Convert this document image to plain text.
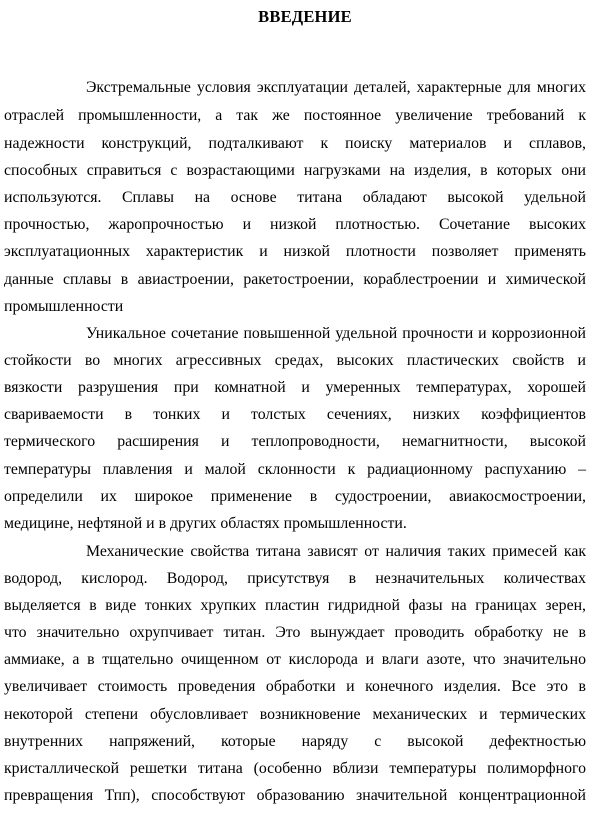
ВВЕДЕНИЕ
Экстремальные условия эксплуатации деталей, характерные для многих
отраслей промышленности, а так же постоянное увеличение требований к
надежности конструкций, подталкивают к поиску материалов и сплавов,
способных справиться с возрастающими нагрузками на изделия, в которых они
используются. Сплавы на основе титана обладают высокой удельной
прочностью, жаропрочностью и низкой плотностью. Сочетание высоких
эксплуатационных характеристик и низкой плотности позволяет применять
данные сплавы в авиастроении, ракетостроении, кораблестроении и химической
промышленности
Уникальное сочетание повышенной удельной прочности и коррозионной
стойкости во многих агрессивных средах, высоких пластических свойств и
вязкости разрушения при комнатной и умеренных температурах, хорошей
свариваемости в тонких и толстых сечениях, низких коэффициентов
термического расширения и теплопроводности, немагнитности, высокой
температуры плавления и малой склонности к радиационному распуханию –
определили их широкое применение в судостроении, авиакосмостроении,
медицине, нефтяной и в других областях промышленности.
Механические свойства титана зависят от наличия таких примесей как
водород, кислород. Водород, присутствуя в незначительных количествах
выделяется в виде тонких хрупких пластин гидридной фазы на границах зерен,
что значительно охрупчивает титан. Это вынуждает проводить обработку не в
аммиаке, а в тщательно очищенном от кислорода и влаги азоте, что значительно
увеличивает стоимость проведения обработки и конечного изделия. Все это в
некоторой степени обусловливает возникновение механических и термических
внутренних напряжений, которые наряду с высокой дефектностью
кристаллической решетки титана (особенно вблизи температуры полиморфного
превращения Тпп), способствуют образованию значительной концентрационной
